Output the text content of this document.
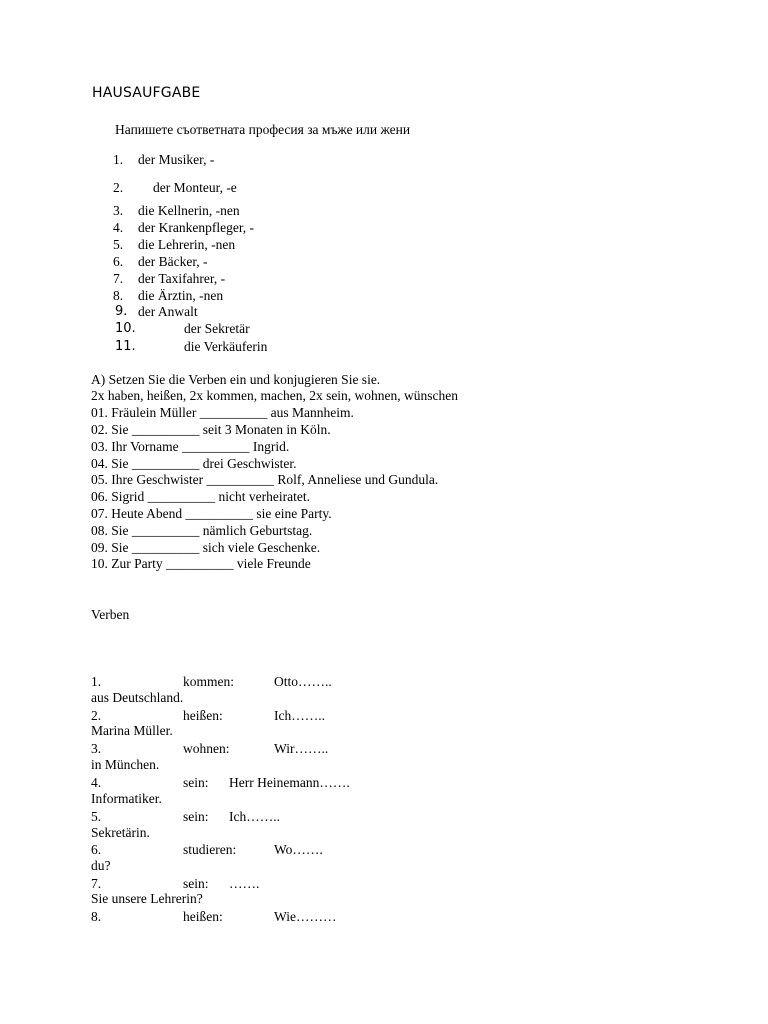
HAUSAUFGABE
Напишете съответната професия за мъже или жени
1. der Musiker, -
2. der Monteur, -e
3. die Kellnerin, -nen
4. der Krankenpfleger, -
5. die Lehrerin, -nen
6. der Bäcker, -
7. der Taxifahrer, -
8. die Ärztin, -nen
9. der Anwalt
10.	der Sekretär
11.	die Verkäuferin
A) Setzen Sie die Verben ein und konjugieren Sie sie.
2x haben, heißen, 2x kommen, machen, 2x sein, wohnen, wünschen
01. Fräulein Müller __________ aus Mannheim.
02. Sie __________ seit 3 Monaten in Köln.
03. Ihr Vorname __________ Ingrid.
04. Sie __________ drei Geschwister.
05. Ihre Geschwister __________ Rolf, Anneliese und Gundula.
06. Sigrid __________ nicht verheiratet.
07. Heute Abend __________ sie eine Party.
08. Sie __________ nämlich Geburtstag.
09. Sie __________ sich viele Geschenke.
10. Zur Party __________ viele Freunde
Verben
1.	kommen:	Otto……..
aus Deutschland.
2.	heißen:	Ich……..
Marina Müller.
3.	wohnen:	Wir……..
in München.
4.	sein: Herr Heinemann…….
Informatiker.
5.	sein: Ich……..
Sekretärin.
6.	studieren:	Wo…….
du?
7.	sein: …….
Sie unsere Lehrerin?
8.	heißen:	Wie………
